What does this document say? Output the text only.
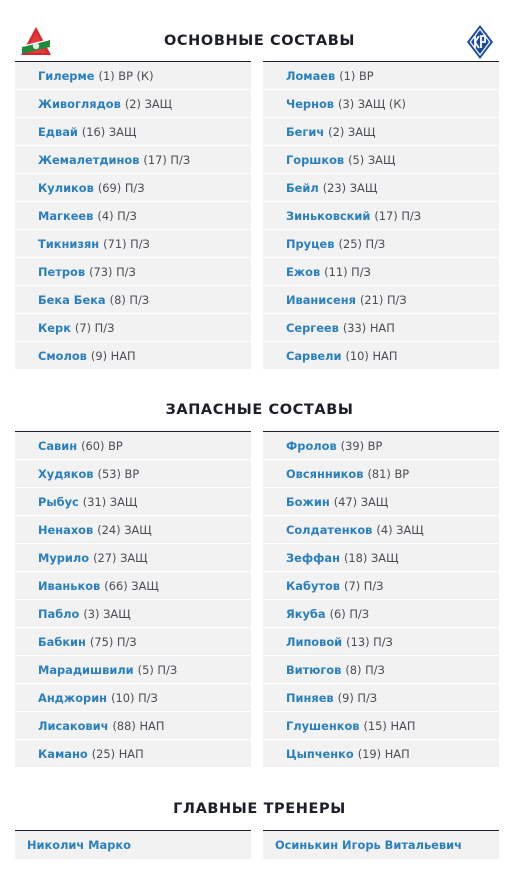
ОСНОВНЫЕ СОСТАВЫ
Гилерме (1) ВР (К)
Живоглядов (2) ЗАЩ
Едвай (16) ЗАЩ
Жемалетдинов (17) П/З
Куликов (69) П/З
Магкеев (4) П/З
Тикнизян (71) П/З
Петров (73) П/З
Бека Бека (8) П/З
Керк (7) П/З
Смолов (9) НАП
Ломаев (1) ВР
Чернов (3) ЗАЩ (К)
Бегич (2) ЗАЩ
Горшков (5) ЗАЩ
Бейл (23) ЗАЩ
Зиньковский (17) П/З
Пруцев (25) П/З
Ежов (11) П/З
Иванисеня (21) П/З
Сергеев (33) НАП
Сарвели (10) НАП
ЗАПАСНЫЕ СОСТАВЫ
Савин (60) ВР
Худяков (53) ВР
Рыбус (31) ЗАЩ
Ненахов (24) ЗАЩ
Мурило (27) ЗАЩ
Иваньков (66) ЗАЩ
Пабло (3) ЗАЩ
Бабкин (75) П/З
Марадишвили (5) П/З
Анджорин (10) П/З
Лисакович (88) НАП
Камано (25) НАП
Фролов (39) ВР
Овсянников (81) ВР
Божин (47) ЗАЩ
Солдатенков (4) ЗАЩ
Зеффан (18) ЗАЩ
Кабутов (7) П/З
Якуба (6) П/З
Липовой (13) П/З
Витюгов (8) П/З
Пиняев (9) П/З
Глушенков (15) НАП
Цыпченко (19) НАП
ГЛАВНЫЕ ТРЕНЕРЫ
Николич Марко	Осинькин Игорь Витальевич
